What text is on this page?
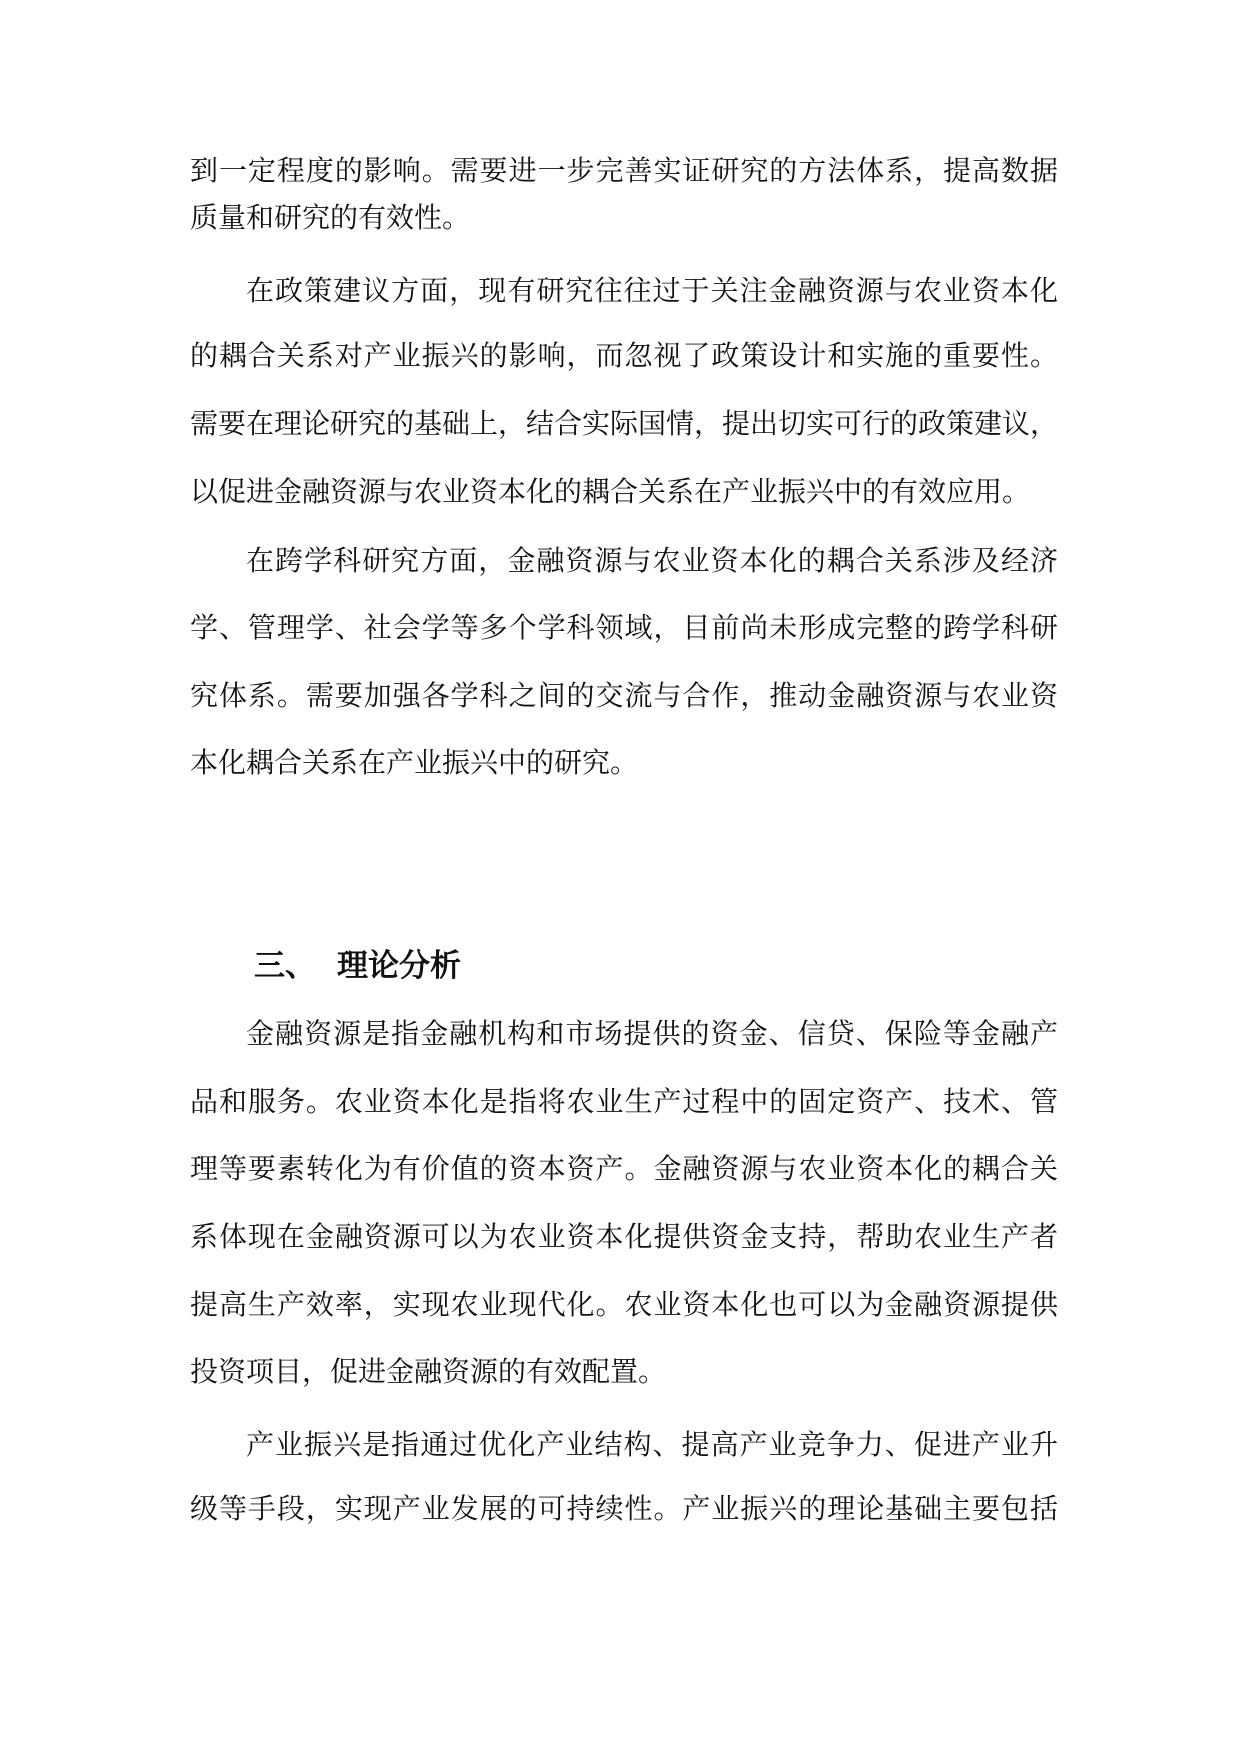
到一定程度的影响。需要进一步完善实证研究的方法体系，提高数据

质量和研究的有效性。

在政策建议方面，现有研究往往过于关注金融资源与农业资本化

的耦合关系对产业振兴的影响，而忽视了政策设计和实施的重要性。

需要在理论研究的基础上，结合实际国情，提出切实可行的政策建议，

以促进金融资源与农业资本化的耦合关系在产业振兴中的有效应用。

在跨学科研究方面，金融资源与农业资本化的耦合关系涉及经济

学、管理学、社会学等多个学科领域，目前尚未形成完整的跨学科研

究体系。需要加强各学科之间的交流与合作，推动金融资源与农业资

本化耦合关系在产业振兴中的研究。

三、 理论分析

金融资源是指金融机构和市场提供的资金、信贷、保险等金融产

品和服务。农业资本化是指将农业生产过程中的固定资产、技术、管

理等要素转化为有价值的资本资产。金融资源与农业资本化的耦合关

系体现在金融资源可以为农业资本化提供资金支持，帮助农业生产者

提高生产效率，实现农业现代化。农业资本化也可以为金融资源提供

投资项目，促进金融资源的有效配置。

产业振兴是指通过优化产业结构、提高产业竞争力、促进产业升

级等手段，实现产业发展的可持续性。产业振兴的理论基础主要包括
